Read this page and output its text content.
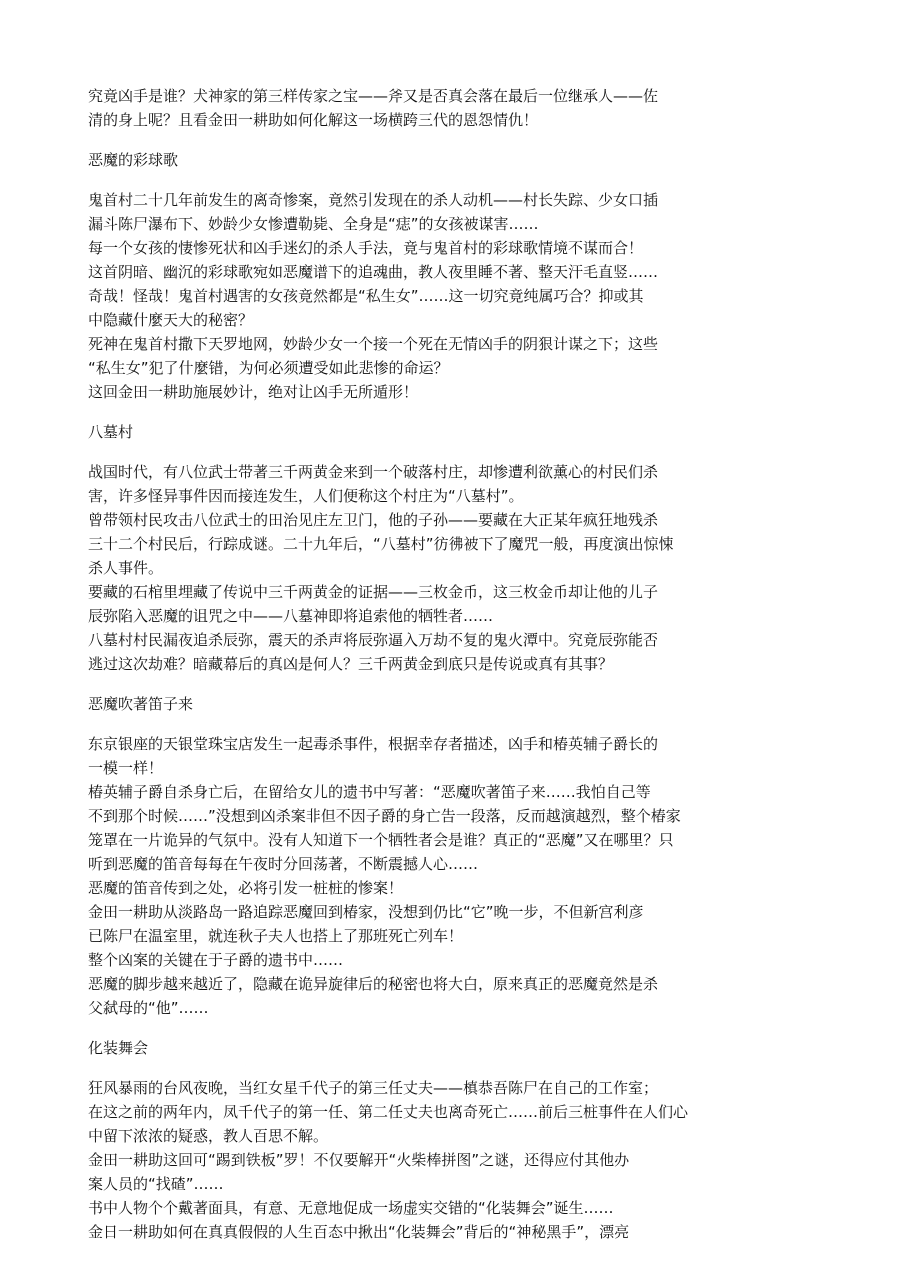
究竟凶手是谁？犬神家的第三样传家之宝——斧又是否真会落在最后一位继承人——佐
清的身上呢？且看金田一耕助如何化解这一场横跨三代的恩怨情仇！
恶魔的彩球歌
鬼首村二十几年前发生的离奇惨案，竟然引发现在的杀人动机——村长失踪、少女口插
漏斗陈尸瀑布下、妙龄少女惨遭勒毙、全身是“痣”的女孩被谋害……
每一个女孩的悽惨死状和凶手迷幻的杀人手法，竟与鬼首村的彩球歌情境不谋而合！
这首阴暗、幽沉的彩球歌宛如恶魔谱下的追魂曲，教人夜里睡不著、整天汗毛直竖……
奇哉！怪哉！鬼首村遇害的女孩竟然都是“私生女”……这一切究竟纯属巧合？抑或其
中隐藏什麼天大的秘密？
死神在鬼首村撒下天罗地网，妙龄少女一个接一个死在无情凶手的阴狠计谋之下；这些
“私生女”犯了什麼错，为何必须遭受如此悲惨的命运？
这回金田一耕助施展妙计，绝对让凶手无所遁形！
八墓村
战国时代，有八位武士带著三千两黄金来到一个破落村庄，却惨遭利欲薰心的村民们杀
害，许多怪异事件因而接连发生，人们便称这个村庄为“八墓村”。
曾带领村民攻击八位武士的田治见庄左卫门，他的子孙——要藏在大正某年疯狂地残杀
三十二个村民后，行踪成谜。二十九年后，“八墓村”彷彿被下了魔咒一般，再度演出惊悚
杀人事件。
要藏的石棺里埋藏了传说中三千两黄金的证据——三枚金币，这三枚金币却让他的儿子
辰弥陷入恶魔的诅咒之中——八墓神即将追索他的牺牲者……
八墓村村民漏夜追杀辰弥，震天的杀声将辰弥逼入万劫不复的鬼火潭中。究竟辰弥能否
逃过这次劫难？暗藏幕后的真凶是何人？三千两黄金到底只是传说或真有其事？
恶魔吹著笛子来
东京银座的天银堂珠宝店发生一起毒杀事件，根据幸存者描述，凶手和椿英辅子爵长的
一模一样！
椿英辅子爵自杀身亡后，在留给女儿的遗书中写著：“恶魔吹著笛子来……我怕自己等
不到那个时候……”没想到凶杀案非但不因子爵的身亡告一段落，反而越演越烈，整个椿家
笼罩在一片诡异的气氛中。没有人知道下一个牺牲者会是谁？真正的“恶魔”又在哪里？只
听到恶魔的笛音每每在午夜时分回荡著，不断震撼人心……
恶魔的笛音传到之处，必将引发一桩桩的惨案！
金田一耕助从淡路岛一路追踪恶魔回到椿家，没想到仍比“它”晚一步，不但新宫利彦
已陈尸在温室里，就连秋子夫人也搭上了那班死亡列车！
整个凶案的关键在于子爵的遗书中……
恶魔的脚步越来越近了，隐藏在诡异旋律后的秘密也将大白，原来真正的恶魔竟然是杀
父弑母的“他”……
化装舞会
狂风暴雨的台风夜晚，当红女星千代子的第三任丈夫——槙恭吾陈尸在自己的工作室；
在这之前的两年内，凤千代子的第一任、第二任丈夫也离奇死亡……前后三桩事件在人们心
中留下浓浓的疑惑，教人百思不解。
金田一耕助这回可“踢到铁板”罗！不仅要解开“火柴棒拼图”之谜，还得应付其他办
案人员的“找碴”……
书中人物个个戴著面具，有意、无意地促成一场虚实交错的“化装舞会”诞生……
金日一耕助如何在真真假假的人生百态中揪出“化装舞会”背后的“神秘黑手”，漂亮
